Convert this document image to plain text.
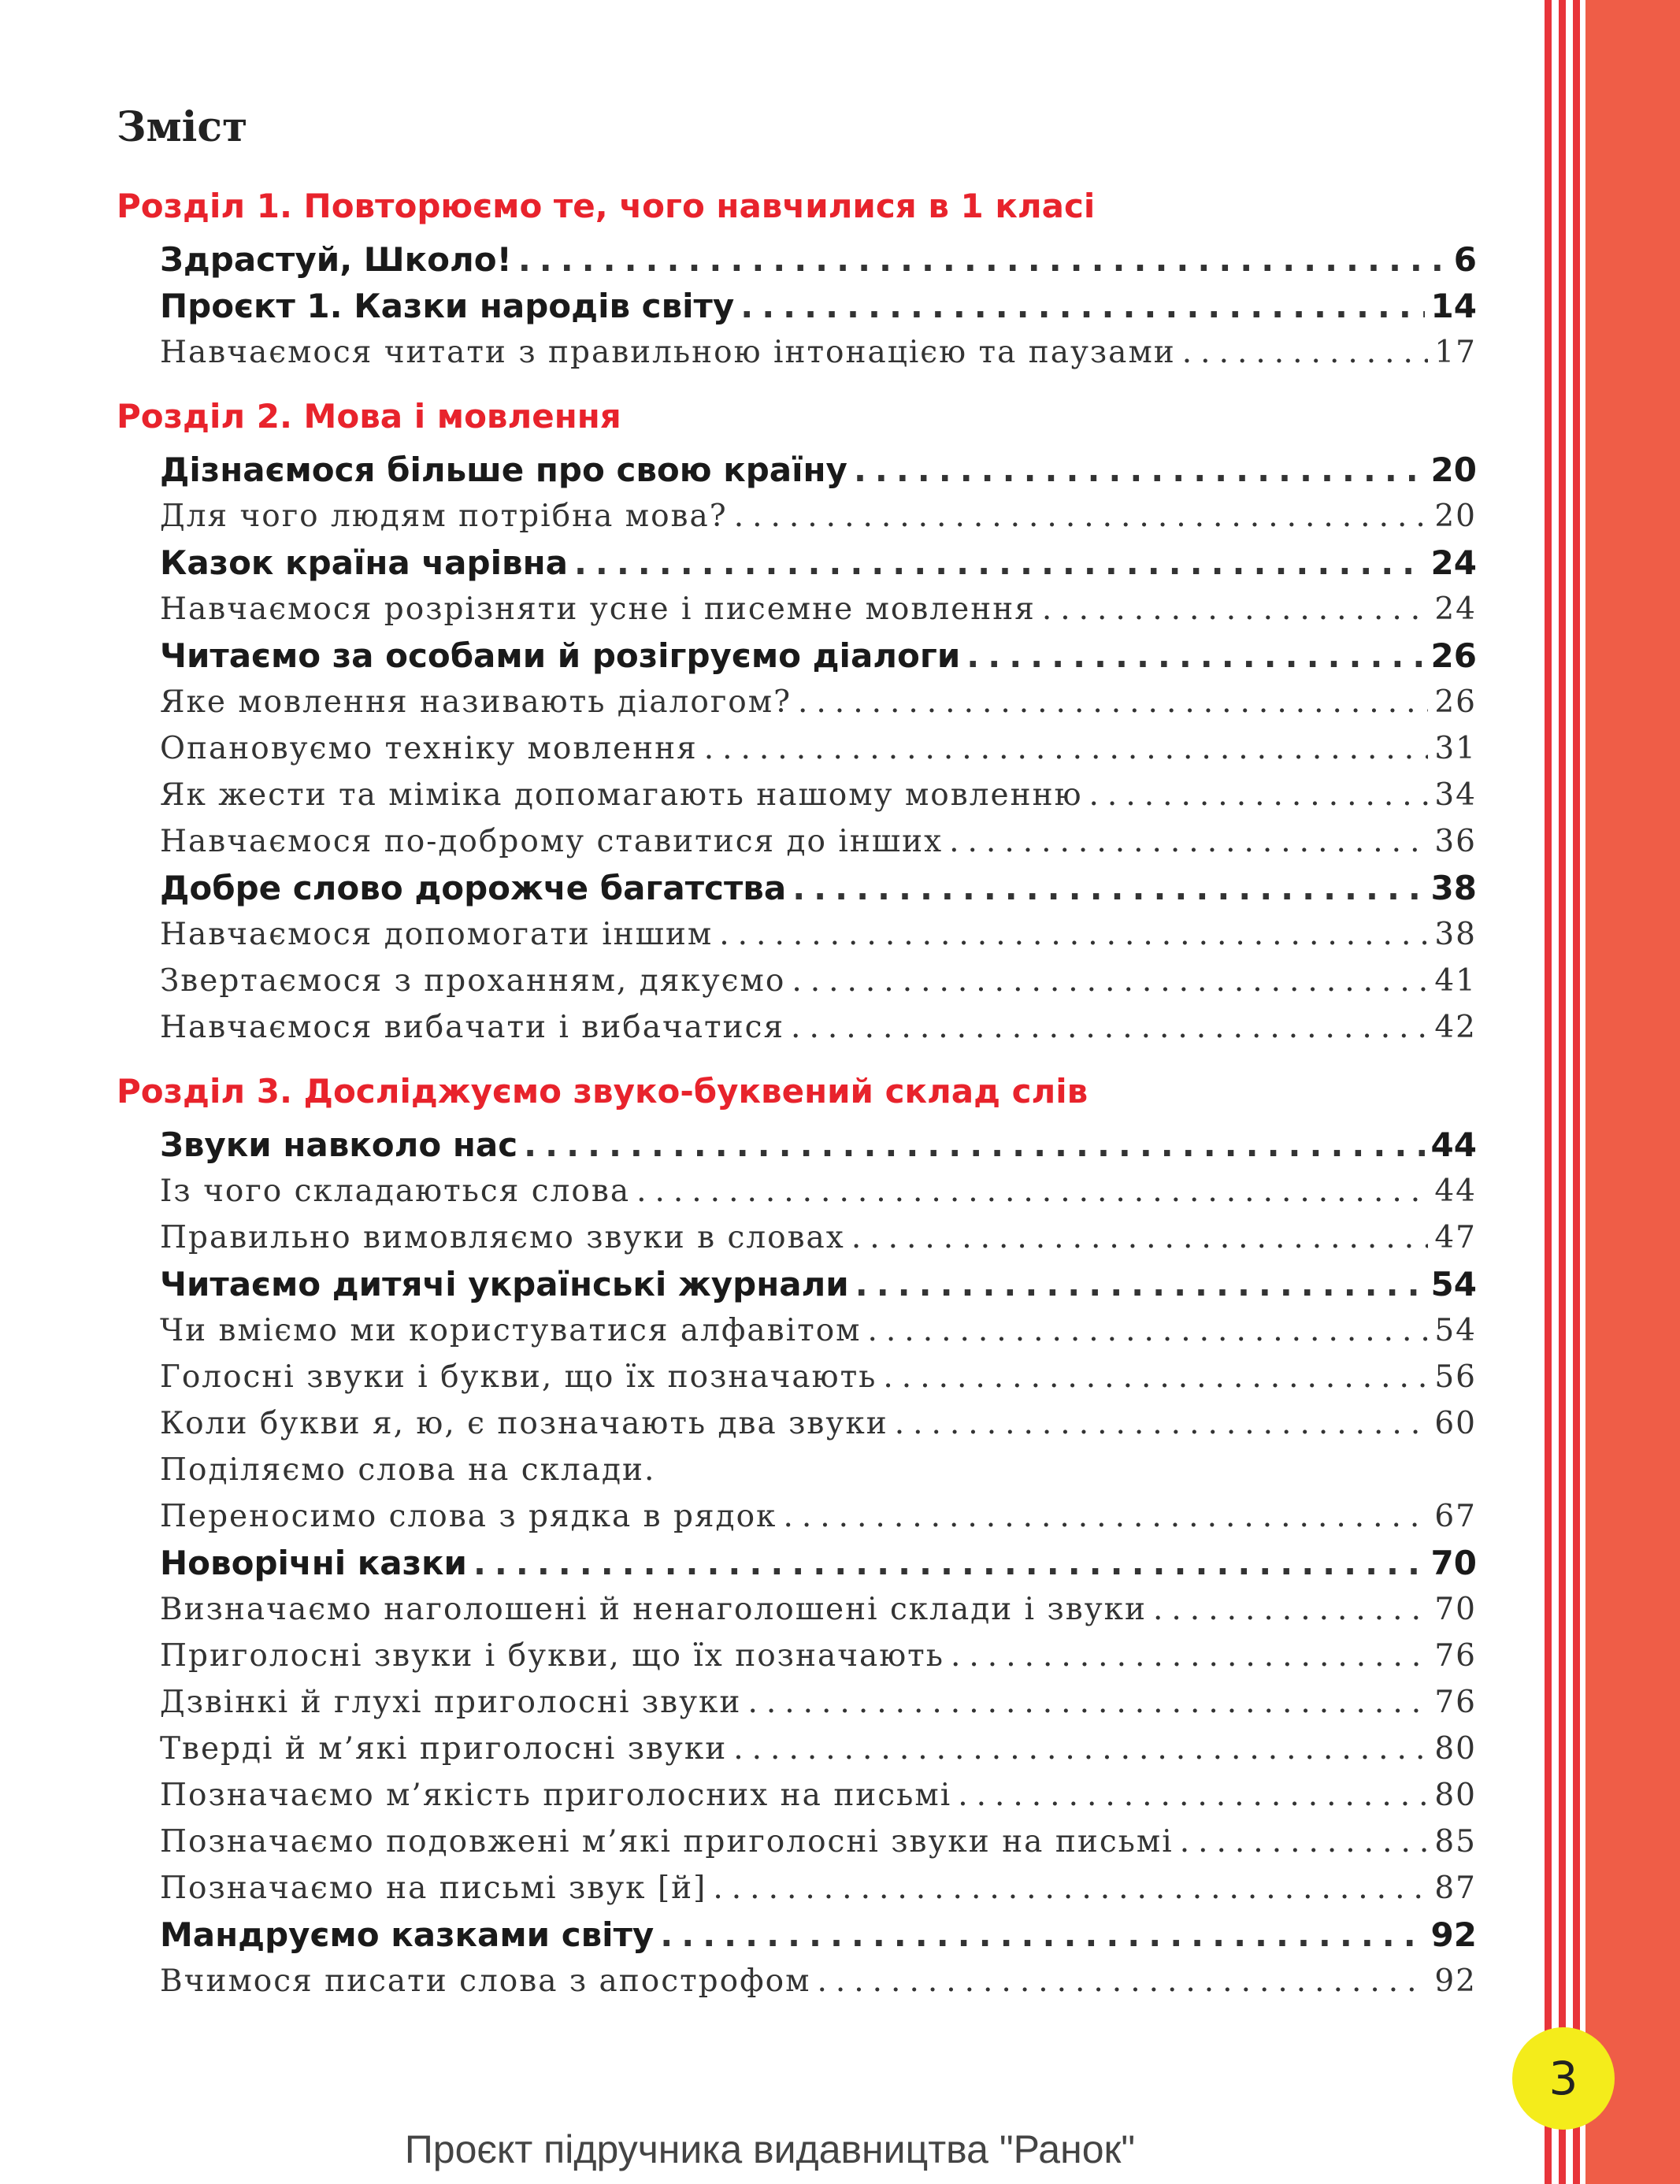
Зміст
Розділ 1. Повторюємо те, чого навчилися в 1 класі
Здрастуй, Школо! .....	6
Проєкт 1. Казки народів світу .....	14
Навчаємося читати з правильною інтонацією та паузами .....	17
Розділ 2. Мова і мовлення
Дізнаємося більше про свою країну .....	20
Для чого людям потрібна мова? .....	20
Казок країна чарівна .....	24
Навчаємося розрізняти усне і писемне мовлення .....	24
Читаємо за особами й розігруємо діалоги .....	26
Яке мовлення називають діалогом? .....	26
Опановуємо техніку мовлення .....	31
Як жести та міміка допомагають нашому мовленню .....	34
Навчаємося по-доброму ставитися до інших .....	36
Добре слово дорожче багатства .....	38
Навчаємося допомогати іншим .....	38
Звертаємося з проханням, дякуємо .....	41
Навчаємося вибачати і вибачатися .....	42
Розділ 3. Досліджуємо звуко-буквений склад слів
Звуки навколо нас .....	44
Із чого складаються слова .....	44
Правильно вимовляємо звуки в словах .....	47
Читаємо дитячі українські журнали .....	54
Чи вміємо ми користуватися алфавітом .....	54
Голосні звуки і букви, що їх позначають .....	56
Коли букви я, ю, є позначають два звуки .....	60
Поділяємо слова на склади.
Переносимо слова з рядка в рядок .....	67
Новорічні казки .....	70
Визначаємо наголошені й ненаголошені склади і звуки .....	70
Приголосні звуки і букви, що їх позначають .....	76
Дзвінкі й глухі приголосні звуки .....	76
Тверді й м’які приголосні звуки .....	80
Позначаємо м’якість приголосних на письмі .....	80
Позначаємо подовжені м’які приголосні звуки на письмі .....	85
Позначаємо на письмі звук [й] .....	87
Мандруємо казками світу .....	92
Вчимося писати слова з апострофом .....	92
3
Проєкт підручника видавництва "Ранок"
